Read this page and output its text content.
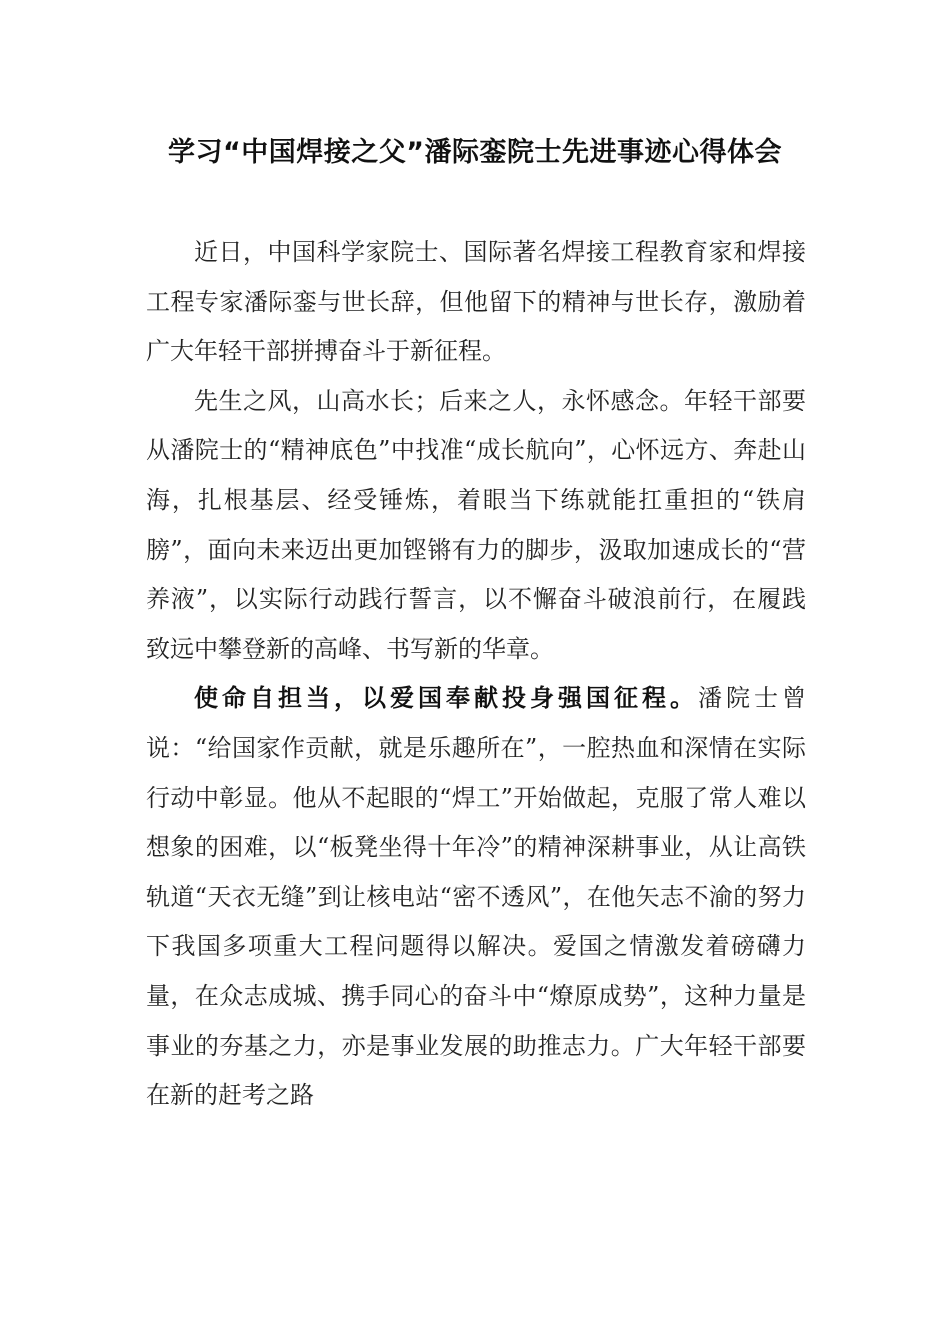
学习“中国焊接之父”潘际銮院士先进事迹心得体会

近日，中国科学家院士、国际著名焊接工程教育家和焊接工程专家潘际銮与世长辞，但他留下的精神与世长存，激励着广大年轻干部拼搏奋斗于新征程。

先生之风，山高水长；后来之人，永怀感念。年轻干部要从潘院士的“精神底色”中找准“成长航向”，心怀远方、奔赴山海，扎根基层、经受锤炼，着眼当下练就能扛重担的“铁肩膀”，面向未来迈出更加铿锵有力的脚步，汲取加速成长的“营养液”，以实际行动践行誓言，以不懈奋斗破浪前行，在履践致远中攀登新的高峰、书写新的华章。

使命自担当，以爱国奉献投身强国征程。潘院士曾说：“给国家作贡献，就是乐趣所在”，一腔热血和深情在实际行动中彰显。他从不起眼的“焊工”开始做起，克服了常人难以想象的困难，以“板凳坐得十年冷”的精神深耕事业，从让高铁轨道“天衣无缝”到让核电站“密不透风”，在他矢志不渝的努力下我国多项重大工程问题得以解决。爱国之情激发着磅礴力量，在众志成城、携手同心的奋斗中“燎原成势”，这种力量是事业的夯基之力，亦是事业发展的助推志力。广大年轻干部要在新的赶考之路
